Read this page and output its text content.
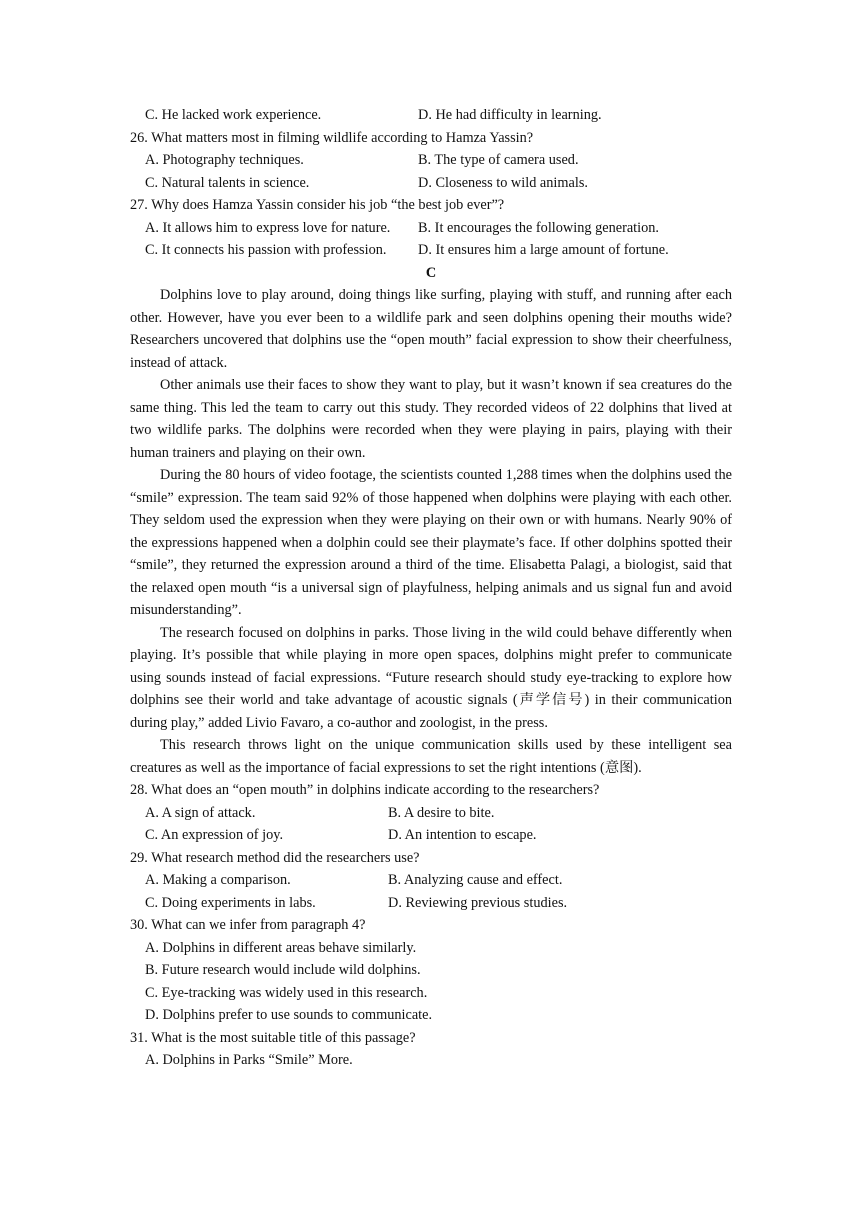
C. He lacked work experience.	D. He had difficulty in learning.
26. What matters most in filming wildlife according to Hamza Yassin?
A. Photography techniques.	B. The type of camera used.
C. Natural talents in science.	D. Closeness to wild animals.
27. Why does Hamza Yassin consider his job “the best job ever”?
A. It allows him to express love for nature.	B. It encourages the following generation.
C. It connects his passion with profession.	D. It ensures him a large amount of fortune.
C

Dolphins love to play around, doing things like surfing, playing with stuff, and running after each other. However, have you ever been to a wildlife park and seen dolphins opening their mouths wide? Researchers uncovered that dolphins use the “open mouth” facial expression to show their cheerfulness, instead of attack.

Other animals use their faces to show they want to play, but it wasn’t known if sea creatures do the same thing. This led the team to carry out this study. They recorded videos of 22 dolphins that lived at two wildlife parks. The dolphins were recorded when they were playing in pairs, playing with their human trainers and playing on their own.

During the 80 hours of video footage, the scientists counted 1,288 times when the dolphins used the “smile” expression. The team said 92% of those happened when dolphins were playing with each other. They seldom used the expression when they were playing on their own or with humans. Nearly 90% of the expressions happened when a dolphin could see their playmate’s face. If other dolphins spotted their “smile”, they returned the expression around a third of the time. Elisabetta Palagi, a biologist, said that the relaxed open mouth “is a universal sign of playfulness, helping animals and us signal fun and avoid misunderstanding”.

The research focused on dolphins in parks. Those living in the wild could behave differently when playing. It’s possible that while playing in more open spaces, dolphins might prefer to communicate using sounds instead of facial expressions. “Future research should study eye-tracking to explore how dolphins see their world and take advantage of acoustic signals (声学信号) in their communication during play,” added Livio Favaro, a co-author and zoologist, in the press.

This research throws light on the unique communication skills used by these intelligent sea creatures as well as the importance of facial expressions to set the right intentions (意图).

28. What does an “open mouth” in dolphins indicate according to the researchers?
A. A sign of attack.	B. A desire to bite.
C. An expression of joy.	D. An intention to escape.
29. What research method did the researchers use?
A. Making a comparison.	B. Analyzing cause and effect.
C. Doing experiments in labs.	D. Reviewing previous studies.
30. What can we infer from paragraph 4?
A. Dolphins in different areas behave similarly.
B. Future research would include wild dolphins.
C. Eye-tracking was widely used in this research.
D. Dolphins prefer to use sounds to communicate.
31. What is the most suitable title of this passage?
A. Dolphins in Parks “Smile” More.
